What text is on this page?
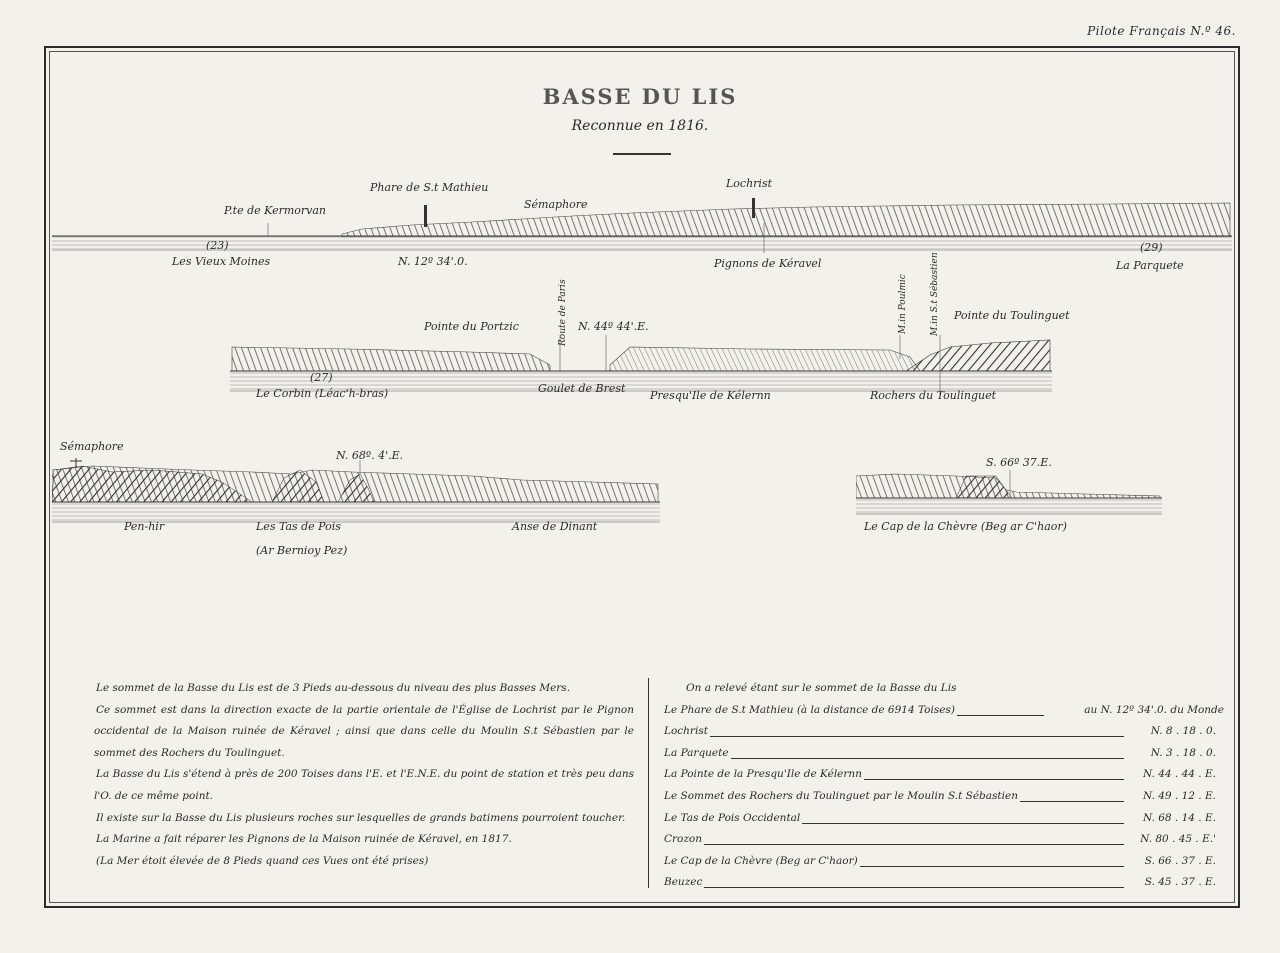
Pilote Français N.º 46.
BASSE DU LIS
Reconnue en 1816.
P.te de Kermorvan
Phare de S.t Mathieu
Sémaphore
Lochrist
(23)	(29)
Les Vieux Moines	N. 12º 34'.0.	Pignons de Kéravel	La Parquete
Pointe du Portzic	N. 44º 44'.E.
Pointe du Toulinguet
Route de Paris	M.in Poulmic M.in S.t Sébastien
(27)
Le Corbin (Léac'h-bras)	Goulet de Brest
Presqu'Ile de Kélernn	Rochers du Toulinguet
Sémaphore
N. 68º. 4'.E.
Pen-hir	Les Tas de Pois
(Ar Bernioy Pez)
Anse de Dinant
S. 66º 37.E.
Le Cap de la Chèvre (Beg ar C'haor)

Le sommet de la Basse du Lis est de 3 Pieds au-dessous du niveau des plus Basses Mers.

Ce sommet est dans la direction exacte de la partie orientale de l'Église de Lochrist par le Pignon occidental de la Maison ruinée de Kéravel ; ainsi que dans celle du Moulin S.t Sébastien par le sommet des Rochers du Toulinguet.

La Basse du Lis s'étend à près de 200 Toises dans l'E. et l'E.N.E. du point de station et très peu dans l'O. de ce même point.

Il existe sur la Basse du Lis plusieurs roches sur lesquelles de grands batimens pourroient toucher.

La Marine a fait réparer les Pignons de la Maison ruinée de Kéravel, en 1817.

(La Mer étoit élevée de 8 Pieds quand ces Vues ont été prises)

On a relevé étant sur le sommet de la Basse du Lis
Le Phare de S.t Mathieu (à la distance de 6914 Toises)	au N. 12º 34'.0. du Monde
Lochrist	N. 8 . 18 . 0.
La Parquete	N. 3 . 18 . 0.
La Pointe de la Presqu'Ile de Kélernn	N. 44 . 44 . E.
Le Sommet des Rochers du Toulinguet par le Moulin S.t Sébastien	N. 49 . 12 . E.
Le Tas de Pois Occidental	N. 68 . 14 . E.
Crozon	N. 80 . 45 . E.'
Le Cap de la Chèvre (Beg ar C'haor)	S. 66 . 37 . E.
Beuzec	S. 45 . 37 . E.
